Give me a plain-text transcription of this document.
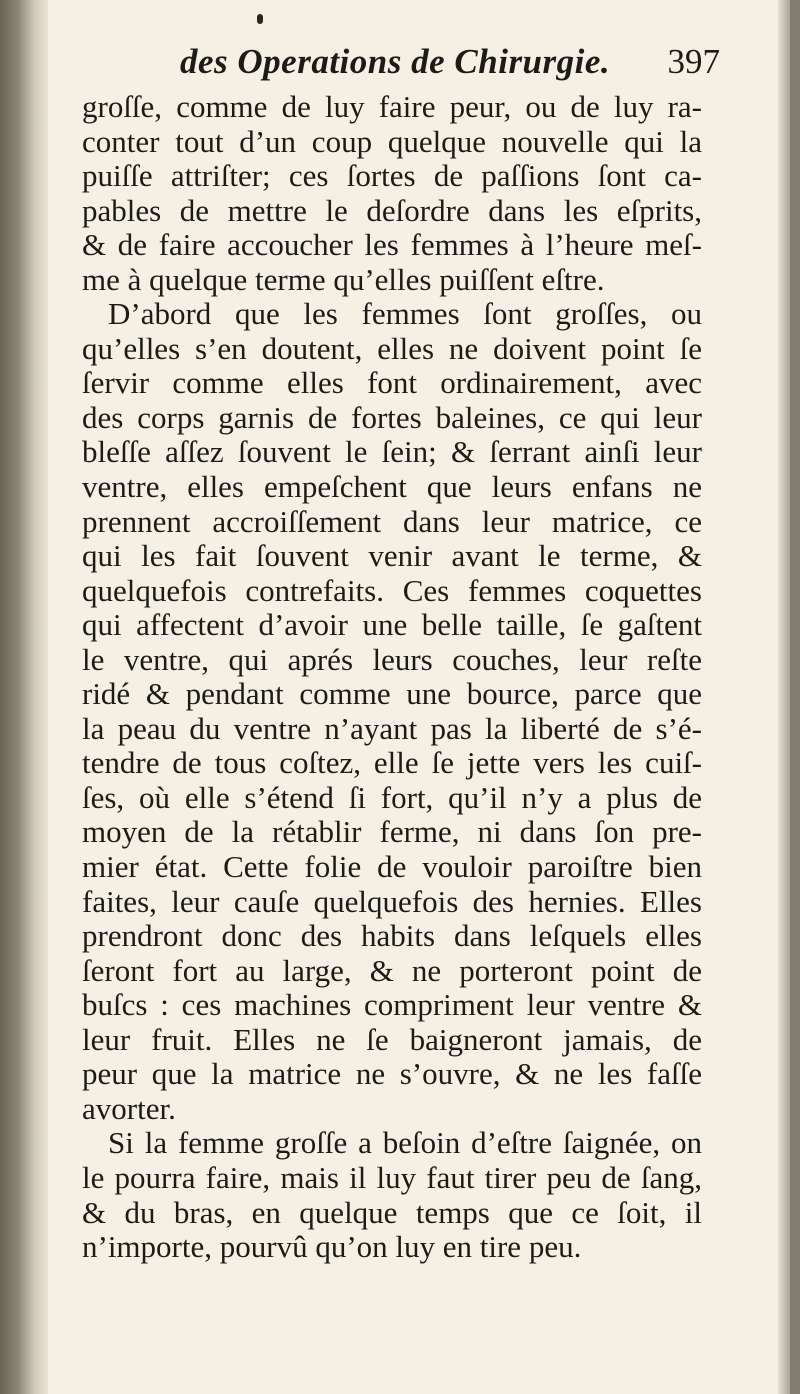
des Operations de Chirurgie. 397
groſſe, comme de luy faire peur, ou de luy ra-
conter tout d’un coup quelque nouvelle qui la
puiſſe attriſter; ces ſortes de paſſions ſont ca-
pables de mettre le deſordre dans les eſprits,
& de faire accoucher les femmes à l’heure meſ-
me à quelque terme qu’elles puiſſent eſtre.
D’abord que les femmes ſont groſſes, ou
qu’elles s’en doutent, elles ne doivent point ſe
ſervir comme elles font ordinairement, avec
des corps garnis de fortes baleines, ce qui leur
bleſſe aſſez ſouvent le ſein; & ſerrant ainſi leur
ventre, elles empeſchent que leurs enfans ne
prennent accroiſſement dans leur matrice, ce
qui les fait ſouvent venir avant le terme, &
quelquefois contrefaits. Ces femmes coquettes
qui affectent d’avoir une belle taille, ſe gaſtent
le ventre, qui aprés leurs couches, leur reſte
ridé & pendant comme une bource, parce que
la peau du ventre n’ayant pas la liberté de s’é-
tendre de tous coſtez, elle ſe jette vers les cuiſ-
ſes, où elle s’étend ſi fort, qu’il n’y a plus de
moyen de la rétablir ferme, ni dans ſon pre-
mier état. Cette folie de vouloir paroiſtre bien
faites, leur cauſe quelquefois des hernies. Elles
prendront donc des habits dans leſquels elles
ſeront fort au large, & ne porteront point de
buſcs : ces machines compriment leur ventre &
leur fruit. Elles ne ſe baigneront jamais, de
peur que la matrice ne s’ouvre, & ne les faſſe
avorter.
Si la femme groſſe a beſoin d’eſtre ſaignée, on
le pourra faire, mais il luy faut tirer peu de ſang,
& du bras, en quelque temps que ce ſoit, il
n’importe, pourvû qu’on luy en tire peu.
